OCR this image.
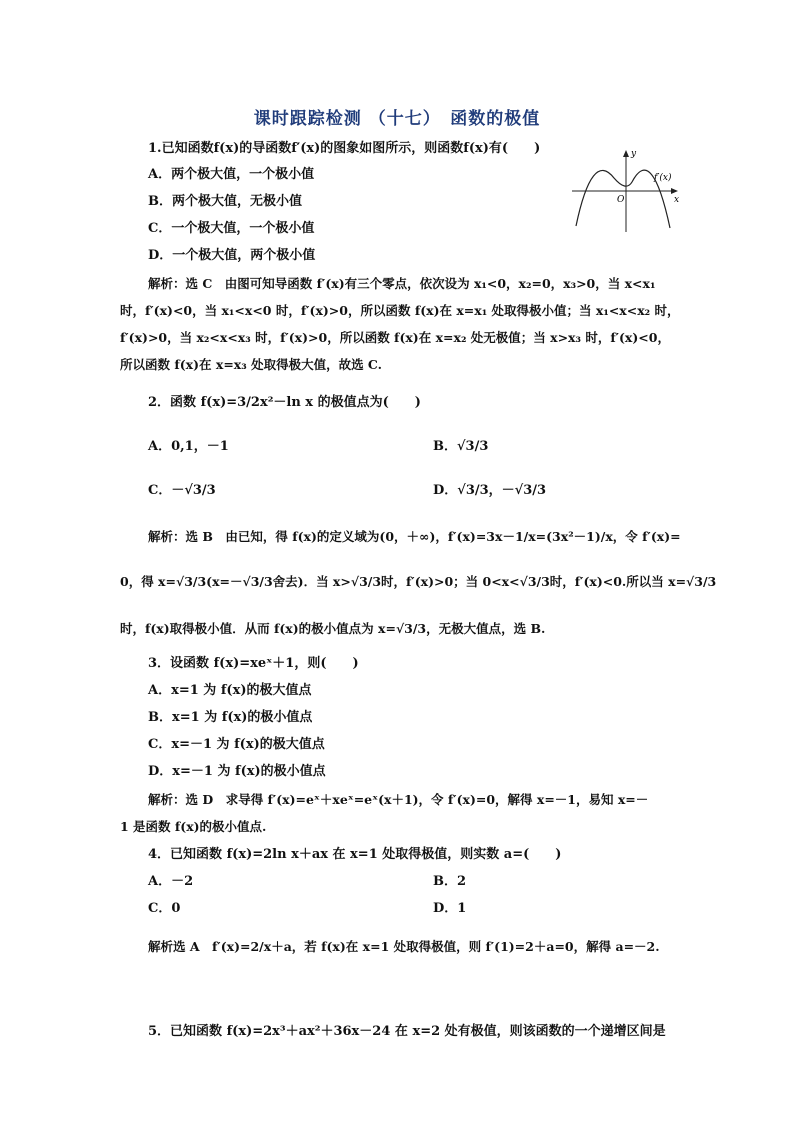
课时跟踪检测 （十七）　函数的极值
1.已知函数f(x)的导函数f′(x)的图象如图所示，则函数f(x)有(　　)
A．两个极大值，一个极小值
B．两个极大值，无极小值
C．一个极大值，一个极小值
D．一个极大值，两个极小值
y
x
O
f′(x)
解析：选 C　由图可知导函数 f′(x)有三个零点，依次设为 x₁<0，x₂=0，x₃>0，当 x<x₁
时，f′(x)<0，当 x₁<x<0 时，f′(x)>0，所以函数 f(x)在 x=x₁ 处取得极小值；当 x₁<x<x₂ 时，
f′(x)>0，当 x₂<x<x₃ 时，f′(x)>0，所以函数 f(x)在 x=x₂ 处无极值；当 x>x₃ 时，f′(x)<0，
所以函数 f(x)在 x=x₃ 处取得极大值，故选 C.
2．函数 f(x)=3/2x²－ln x 的极值点为(　　)
A．0,1，－1	B．√3/3
C．－√3/3	D．√3/3，－√3/3
解析：选 B　由已知，得 f(x)的定义域为(0，＋∞)，f′(x)=3x－1/x=(3x²－1)/x，令 f′(x)=
0，得 x=√3/3(x=－√3/3舍去)．当 x>√3/3时，f′(x)>0；当 0<x<√3/3时，f′(x)<0.所以当 x=√3/3
时，f(x)取得极小值．从而 f(x)的极小值点为 x=√3/3，无极大值点，选 B.
3．设函数 f(x)=xeˣ＋1，则(　　)
A．x=1 为 f(x)的极大值点
B．x=1 为 f(x)的极小值点
C．x=－1 为 f(x)的极大值点
D．x=－1 为 f(x)的极小值点
解析：选 D　求导得 f′(x)=eˣ＋xeˣ=eˣ(x＋1)，令 f′(x)=0，解得 x=－1，易知 x=－
1 是函数 f(x)的极小值点.
4．已知函数 f(x)=2ln x＋ax 在 x=1 处取得极值，则实数 a=(　　)
A．－2	B．2
C．0	D．1
解析选 A　f′(x)=2/x＋a，若 f(x)在 x=1 处取得极值，则 f′(1)=2＋a=0，解得 a=－2.
5．已知函数 f(x)=2x³＋ax²＋36x－24 在 x=2 处有极值，则该函数的一个递增区间是
